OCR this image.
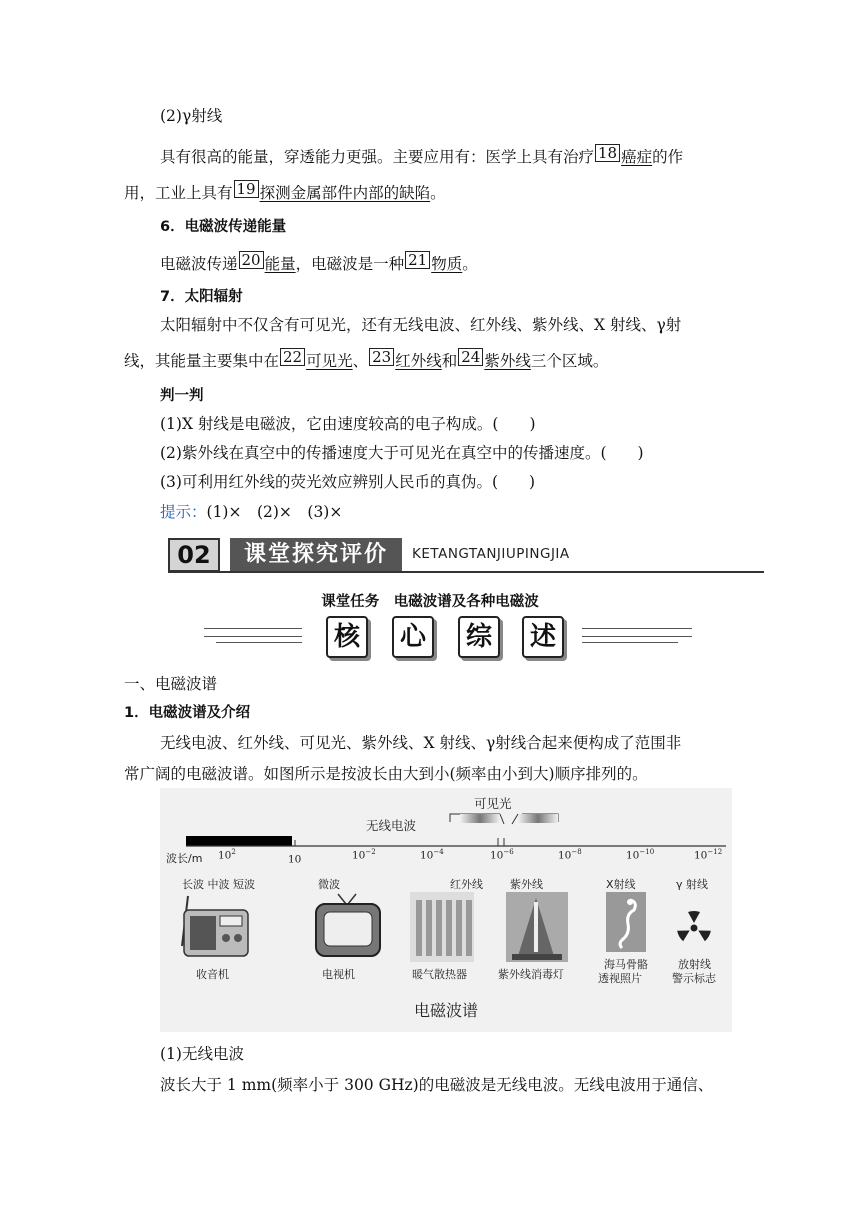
(2)γ射线
具有很高的能量，穿透能力更强。主要应用有：医学上具有治疗 18 癌症的作
用，工业上具有 19 探测金属部件内部的缺陷。
6．电磁波传递能量
电磁波传递 20 能量，电磁波是一种 21 物质。
7．太阳辐射
太阳辐射中不仅含有可见光，还有无线电波、红外线、紫外线、X 射线、γ射
线，其能量主要集中在 22 可见光、 23 红外线和 24 紫外线三个区域。
判一判
(1)X 射线是电磁波，它由速度较高的电子构成。(　　)
(2)紫外线在真空中的传播速度大于可见光在真空中的传播速度。(　　)
(3)可利用红外线的荧光效应辨别人民币的真伪。(　　)
提示：(1)×　(2)×　(3)×
02	课堂探究评价	KETANGTANJIUPINGJIA
课堂任务　电磁波谱及各种电磁波
核	心	综	述
一、电磁波谱
1．电磁波谱及介绍
无线电波、红外线、可见光、紫外线、X 射线、γ射线合起来便构成了范围非
常广阔的电磁波谱。如图所示是按波长由大到小(频率由小到大)顺序排列的。
可见光
无线电波
波长/m $10^2$
10	$10^{-2}$	$10^{-4}$	$10^{-6}$	$10^{-8}$	$10^{-10}$	$10^{-12}$
长波 中波 短波	微波	红外线 紫外线	X射线	γ 射线
收音机	电视机	暖气散热器	紫外线消毒灯
海马骨骼
透视照片
放射线
警示标志
电磁波谱
(1)无线电波
波长大于 1 mm(频率小于 300 GHz)的电磁波是无线电波。无线电波用于通信、
